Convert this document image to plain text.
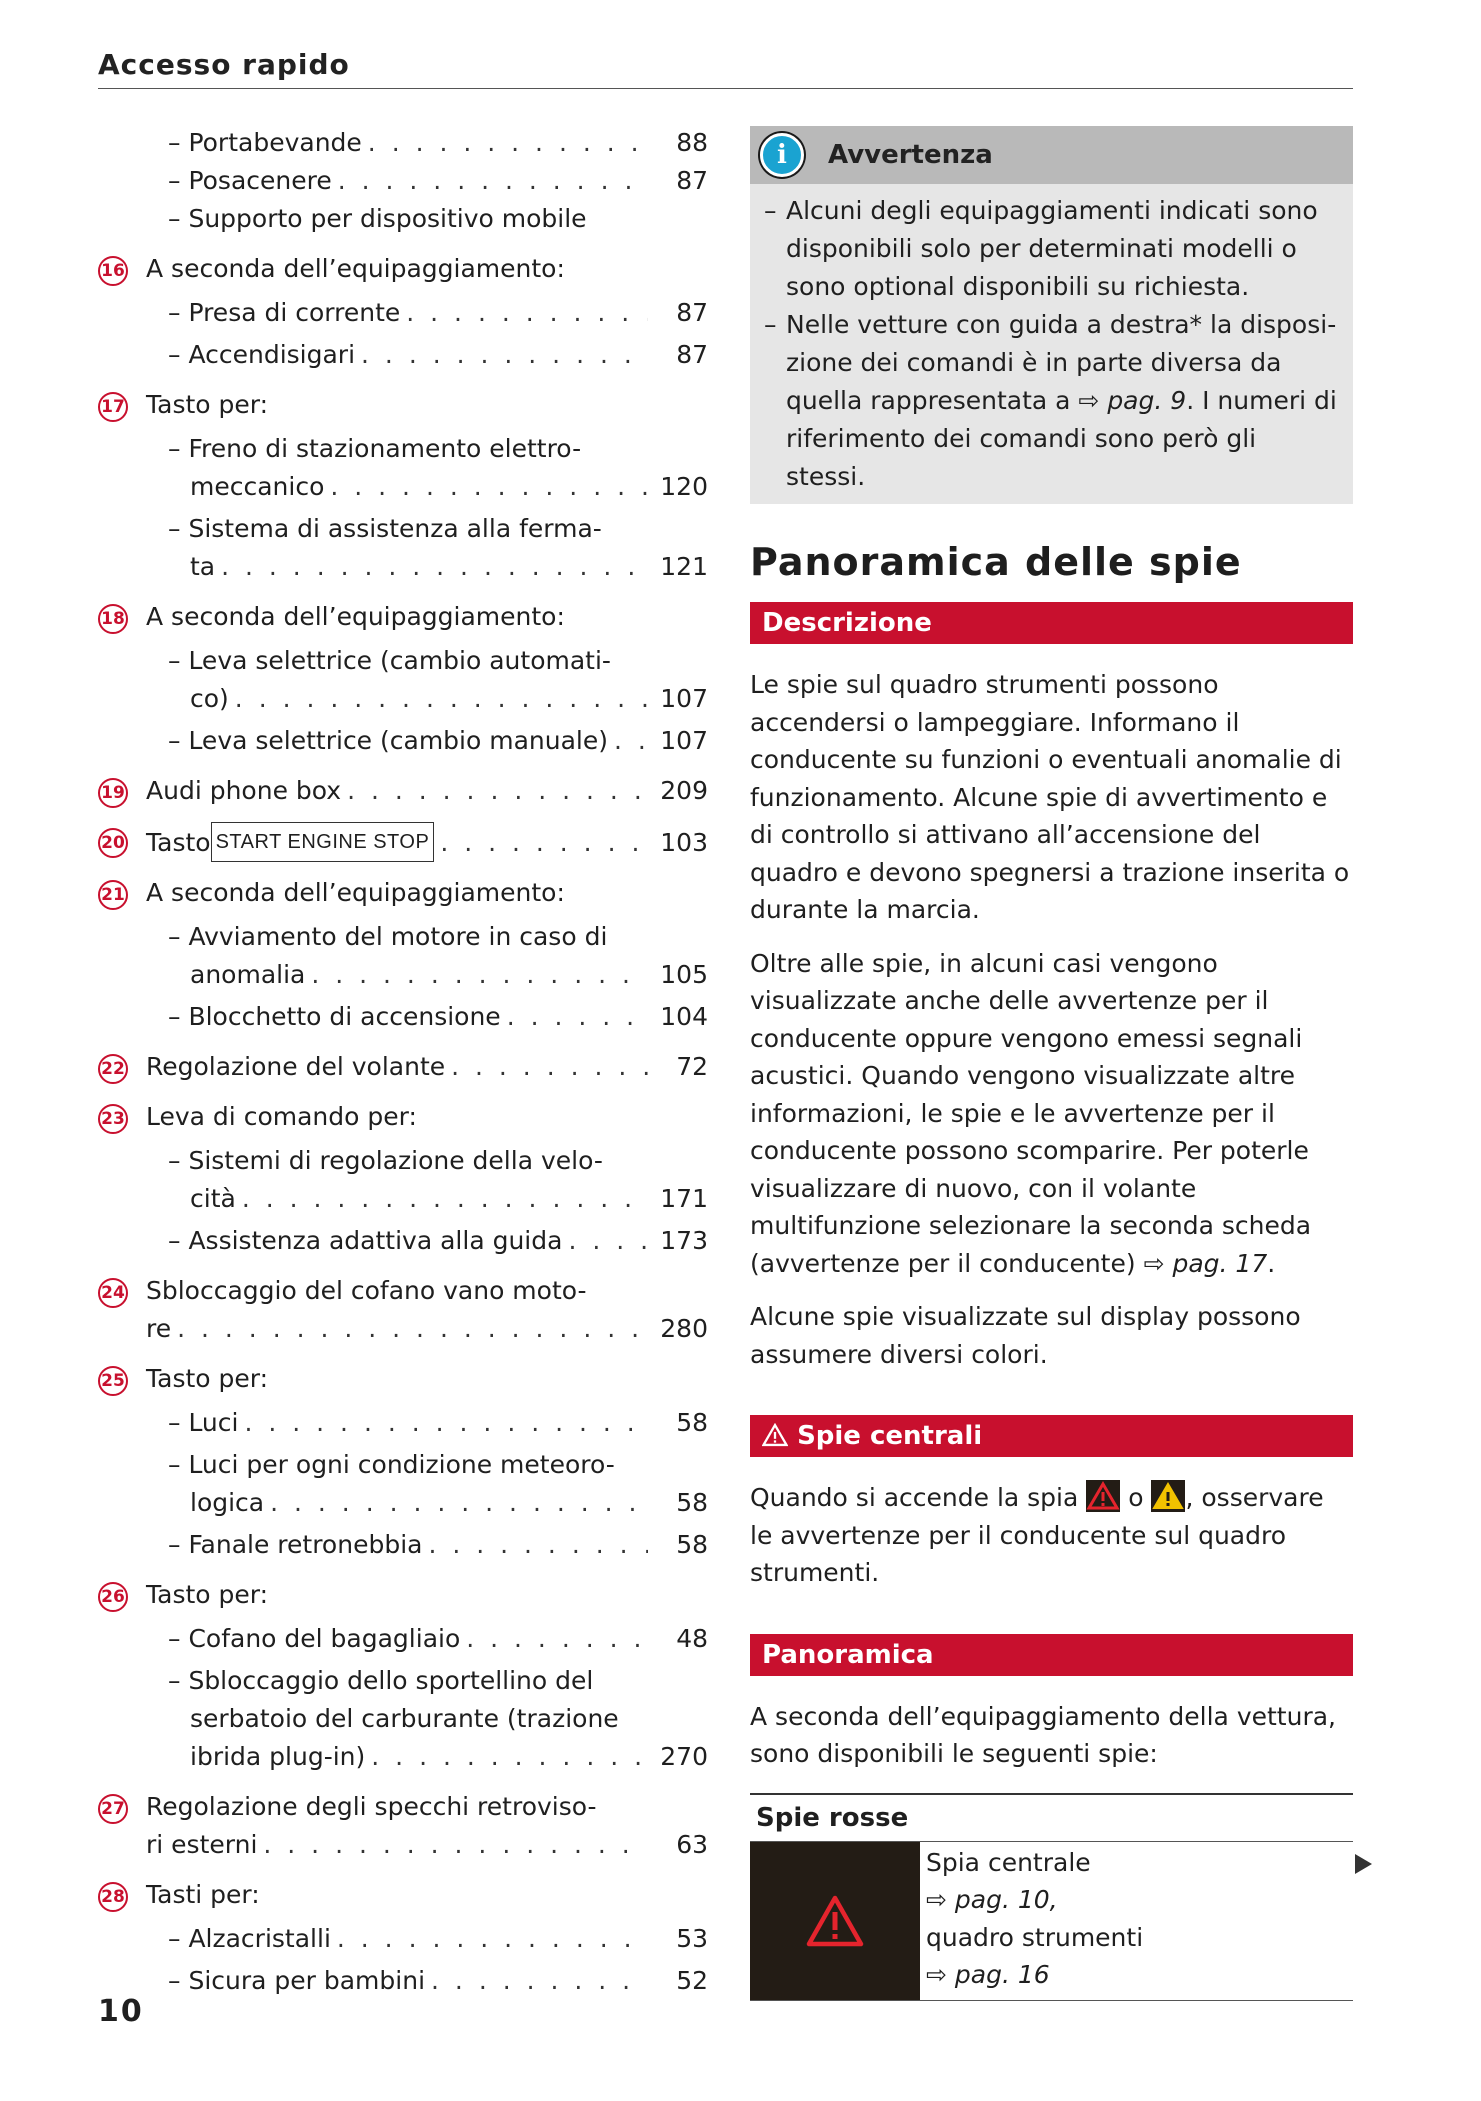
Accesso rapido
– Portabevande . . .	88
– Posacenere . . .	87
– Supporto per dispositivo mobile
16 A seconda dell’equipaggiamento:
– Presa di corrente . . .	87
– Accendisigari . . .	87
17 Tasto per:
– Freno di stazionamento elettro-
meccanico . . .	120
– Sistema di assistenza alla ferma-
ta . . .	121
18 A seconda dell’equipaggiamento:
– Leva selettrice (cambio automati-
co) . . .	107
– Leva selettrice (cambio manuale) . . .	107
19 Audi phone box . . .	209
20 Tasto START ENGINE STOP . . .	103
21 A seconda dell’equipaggiamento:
– Avviamento del motore in caso di
anomalia . . .	105
– Blocchetto di accensione . . .	104
22 Regolazione del volante . . .	72
23 Leva di comando per:
– Sistemi di regolazione della velo-
cità . . .	171
– Assistenza adattiva alla guida . . .	173
24 Sbloccaggio del cofano vano moto-
re . . .	280
25 Tasto per:
– Luci . . .	58
– Luci per ogni condizione meteoro-
logica . . .	58
– Fanale retronebbia . . .	58
26 Tasto per:
– Cofano del bagagliaio . . .	48
– Sbloccaggio dello sportellino del
serbatoio del carburante (trazione
ibrida plug-in) . . .	270
27 Regolazione degli specchi retroviso-
ri esterni . . .	63
28 Tasti per:
– Alzacristalli . . .	53
– Sicura per bambini . . .	52
i	Avvertenza
– Alcuni degli equipaggiamenti indicati sono disponibili solo per determinati modelli o sono optional disponibili su richiesta.
– Nelle vetture con guida a destra* la disposizione dei comandi è in parte diversa da quella rappresentata a ⇨ pag. 9. I numeri di riferimento dei comandi sono però gli stessi.
Panoramica delle spie
Descrizione

Le spie sul quadro strumenti possono accendersi o lampeggiare. Informano il conducente su funzioni o eventuali anomalie di funzionamento. Alcune spie di avvertimento e di controllo si attivano all’accensione del quadro e devono spegnersi a trazione inserita o durante la marcia.

Oltre alle spie, in alcuni casi vengono visualizzate anche delle avvertenze per il conducente oppure vengono emessi segnali acustici. Quando vengono visualizzate altre informazioni, le spie e le avvertenze per il conducente possono scomparire. Per poterle visualizzare di nuovo, con il volante multifunzione selezionare la seconda scheda (avvertenze per il conducente) ⇨ pag. 17.

Alcune spie visualizzate sul display possono assumere diversi colori.

Spie centrali

Quando si accende la spia o , osservare le avvertenze per il conducente sul quadro strumenti.

Panoramica

A seconda dell’equipaggiamento della vettura, sono disponibili le seguenti spie:

Spie rosse
Spia centrale
⇨ pag. 10,
quadro strumenti
⇨ pag. 16
10
